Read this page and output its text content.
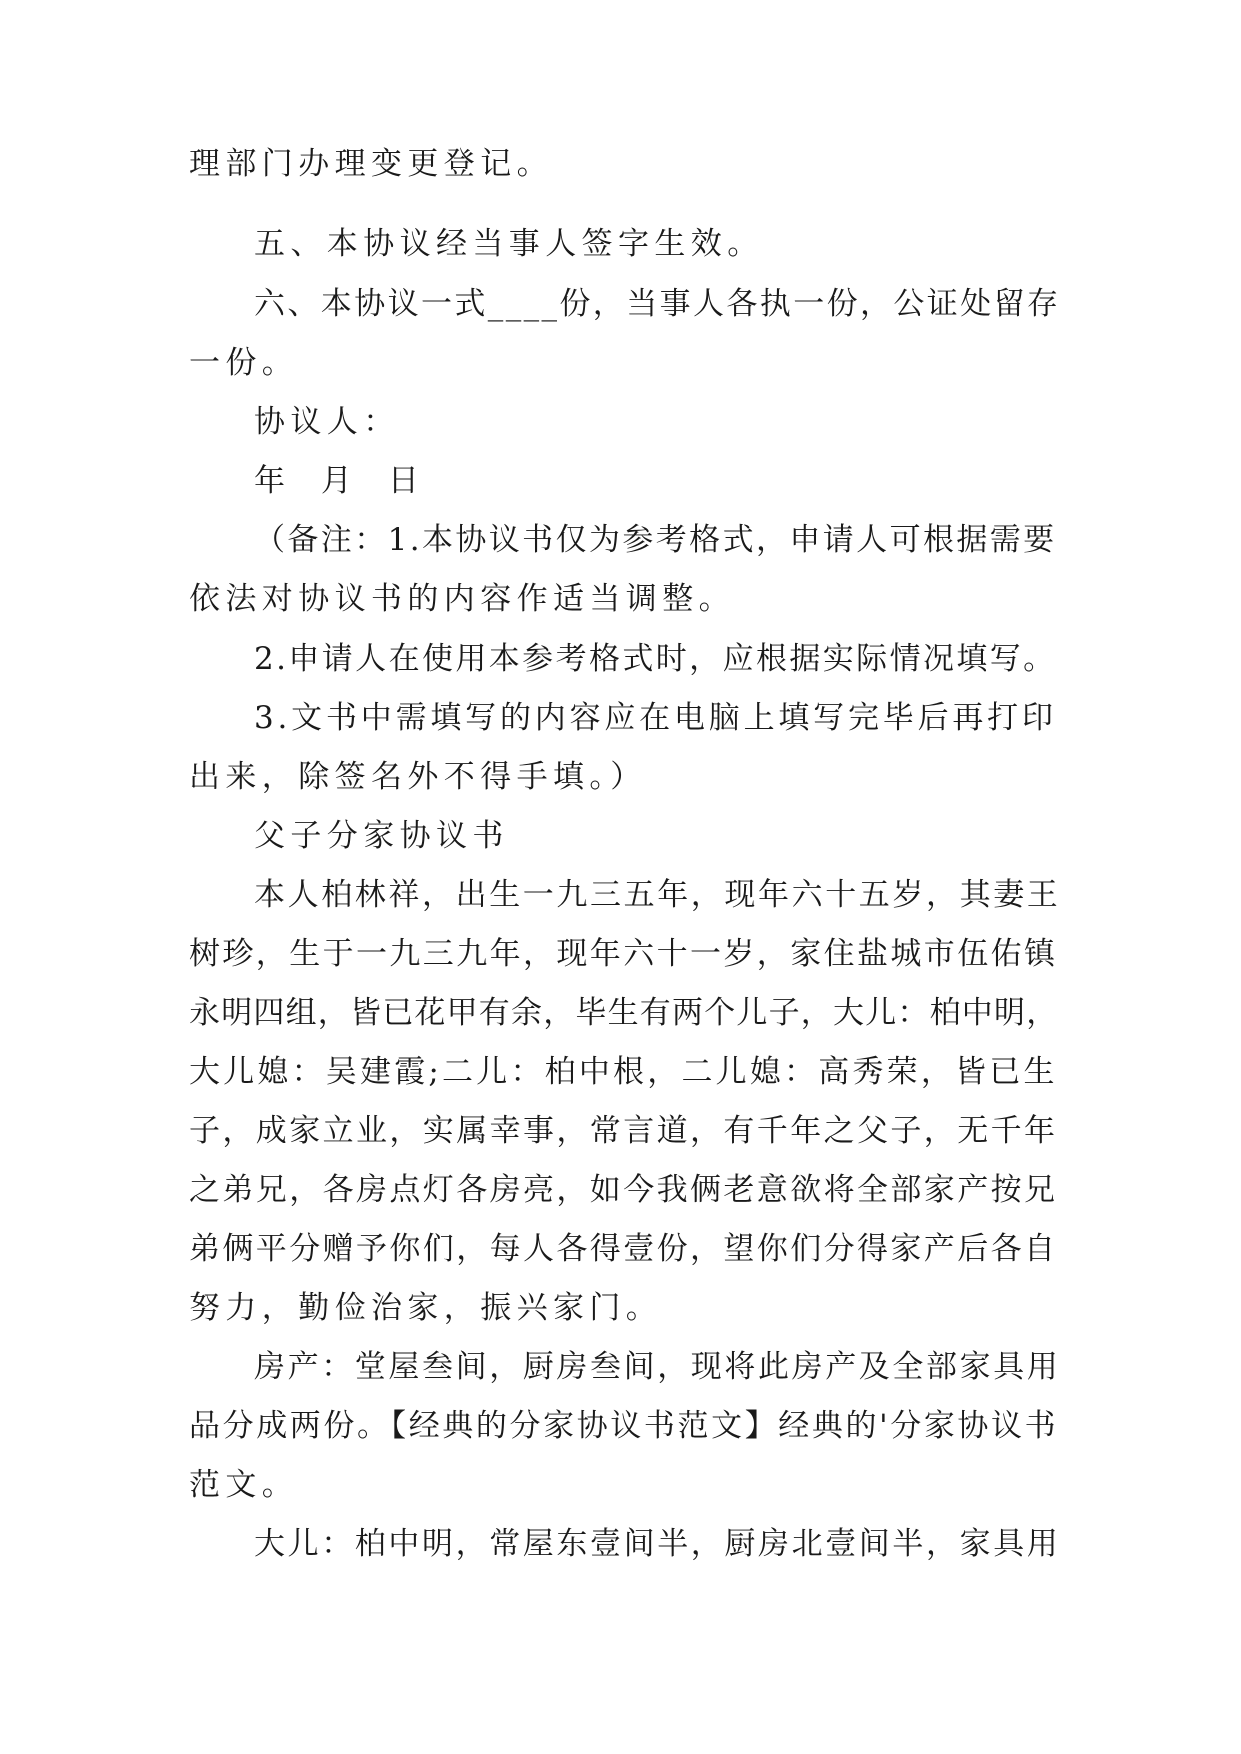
理部门办理变更登记。
五、本协议经当事人签字生效。
六、本协议一式____份，当事人各执一份，公证处留存
一份。
协议人：
年  月  日
（备注：1.本协议书仅为参考格式，申请人可根据需要
依法对协议书的内容作适当调整。
2.申请人在使用本参考格式时，应根据实际情况填写。
3.文书中需填写的内容应在电脑上填写完毕后再打印
出来，除签名外不得手填。）
父子分家协议书
本人柏林祥，出生一九三五年，现年六十五岁，其妻王
树珍，生于一九三九年，现年六十一岁，家住盐城市伍佑镇
永明四组，皆已花甲有余，毕生有两个儿子，大儿：柏中明，
大儿媳：吴建霞;二儿：柏中根，二儿媳：高秀荣，皆已生
子，成家立业，实属幸事，常言道，有千年之父子，无千年
之弟兄，各房点灯各房亮，如今我俩老意欲将全部家产按兄
弟俩平分赠予你们，每人各得壹份，望你们分得家产后各自
努力，勤俭治家，振兴家门。
房产：堂屋叁间，厨房叁间，现将此房产及全部家具用
品分成两份。【经典的分家协议书范文】经典的'分家协议书
范文。
大儿：柏中明，常屋东壹间半，厨房北壹间半，家具用
